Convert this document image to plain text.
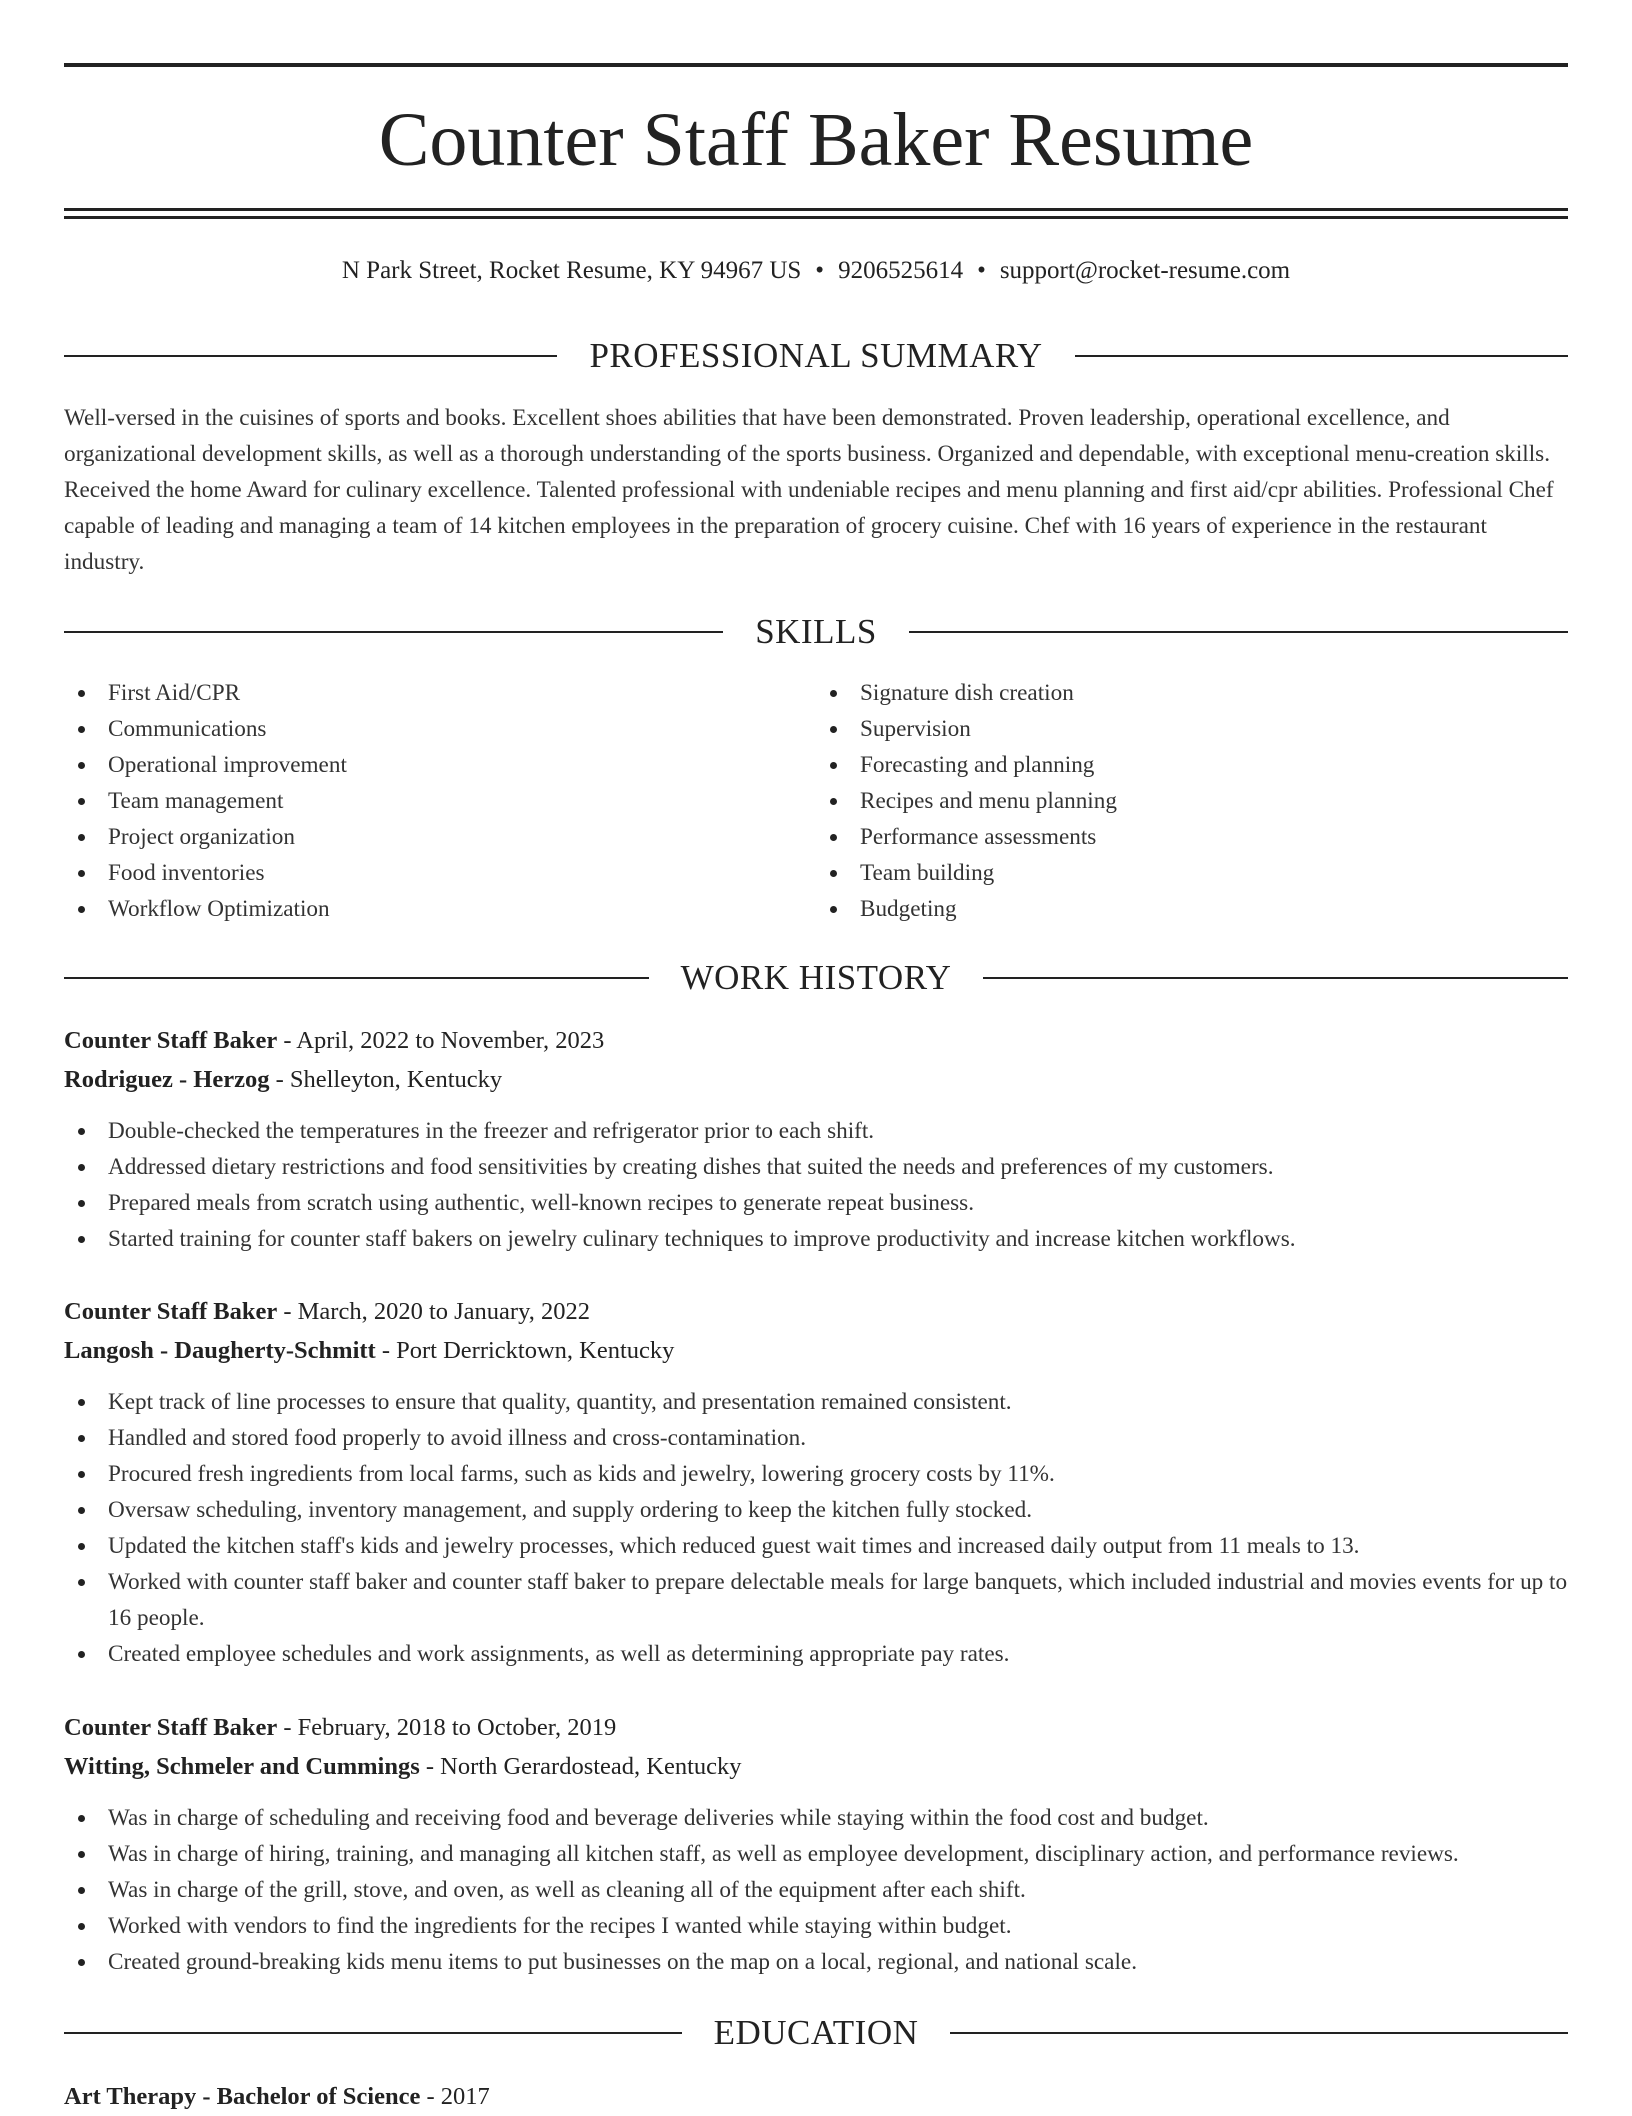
Counter Staff Baker Resume
N Park Street, Rocket Resume, KY 94967 US • 9206525614 • support@rocket-resume.com
PROFESSIONAL SUMMARY

Well-versed in the cuisines of sports and books. Excellent shoes abilities that have been demonstrated. Proven leadership, operational excellence, and organizational development skills, as well as a thorough understanding of the sports business. Organized and dependable, with exceptional menu-creation skills. Received the home Award for culinary excellence. Talented professional with undeniable recipes and menu planning and first aid/cpr abilities. Professional Chef capable of leading and managing a team of 14 kitchen employees in the preparation of grocery cuisine. Chef with 16 years of experience in the restaurant industry.

SKILLS
First Aid/CPR
Communications
Operational improvement
Team management
Project organization
Food inventories
Workflow Optimization
Signature dish creation
Supervision
Forecasting and planning
Recipes and menu planning
Performance assessments
Team building
Budgeting
WORK HISTORY
Counter Staff Baker - April, 2022 to November, 2023
Rodriguez - Herzog - Shelleyton, Kentucky
Double-checked the temperatures in the freezer and refrigerator prior to each shift.
Addressed dietary restrictions and food sensitivities by creating dishes that suited the needs and preferences of my customers.
Prepared meals from scratch using authentic, well-known recipes to generate repeat business.
Started training for counter staff bakers on jewelry culinary techniques to improve productivity and increase kitchen workflows.
Counter Staff Baker - March, 2020 to January, 2022
Langosh - Daugherty-Schmitt - Port Derricktown, Kentucky
Kept track of line processes to ensure that quality, quantity, and presentation remained consistent.
Handled and stored food properly to avoid illness and cross-contamination.
Procured fresh ingredients from local farms, such as kids and jewelry, lowering grocery costs by 11%.
Oversaw scheduling, inventory management, and supply ordering to keep the kitchen fully stocked.
Updated the kitchen staff's kids and jewelry processes, which reduced guest wait times and increased daily output from 11 meals to 13.
Worked with counter staff baker and counter staff baker to prepare delectable meals for large banquets, which included industrial and movies events for up to 16 people.
Created employee schedules and work assignments, as well as determining appropriate pay rates.
Counter Staff Baker - February, 2018 to October, 2019
Witting, Schmeler and Cummings - North Gerardostead, Kentucky
Was in charge of scheduling and receiving food and beverage deliveries while staying within the food cost and budget.
Was in charge of hiring, training, and managing all kitchen staff, as well as employee development, disciplinary action, and performance reviews.
Was in charge of the grill, stove, and oven, as well as cleaning all of the equipment after each shift.
Worked with vendors to find the ingredients for the recipes I wanted while staying within budget.
Created ground-breaking kids menu items to put businesses on the map on a local, regional, and national scale.
EDUCATION
Art Therapy - Bachelor of Science - 2017
